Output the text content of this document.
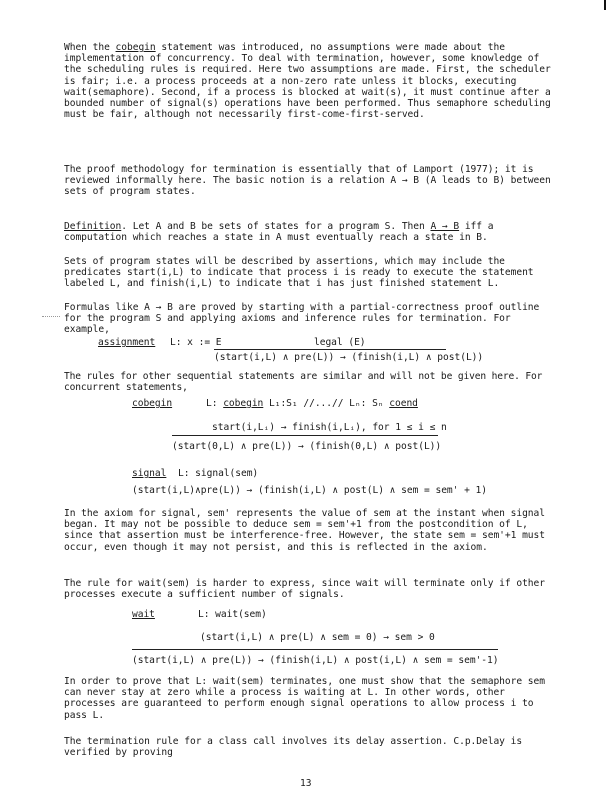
When the cobegin statement was introduced, no assumptions were made about the implementation of concurrency. To deal with termination, however, some knowledge of the scheduling rules is required. Here two assumptions are made. First, the scheduler is fair; i.e. a process proceeds at a non-zero rate unless it blocks, executing wait(semaphore). Second, if a process is blocked at wait(s), it must continue after a bounded number of signal(s) operations have been performed. Thus semaphore scheduling must be fair, although not necessarily first-come-first-served.

The proof methodology for termination is essentially that of Lamport (1977); it is reviewed informally here. The basic notion is a relation A → B (A leads to B) between sets of program states.

Definition. Let A and B be sets of states for a program S. Then A → B iff a computation which reaches a state in A must eventually reach a state in B.

Sets of program states will be described by assertions, which may include the predicates start(i,L) to indicate that process i is ready to execute the statement labeled L, and finish(i,L) to indicate that i has just finished statement L.

Formulas like A → B are proved by starting with a partial-correctness proof outline for the program S and applying axioms and inference rules for termination. For example,

assignment L: x := E	legal (E)
(start(i,L) ∧ pre(L)) → (finish(i,L) ∧ post(L))

The rules for other sequential statements are similar and will not be given here. For concurrent statements,

cobegin	L: cobegin L₁:S₁ //...// Lₙ: Sₙ coend
start(i,Lᵢ) → finish(i,Lᵢ), for 1 ≤ i ≤ n
(start(0,L) ∧ pre(L)) → (finish(0,L) ∧ post(L))
signal L: signal(sem)
(start(i,L)∧pre(L)) → (finish(i,L) ∧ post(L) ∧ sem = sem' + 1)

In the axiom for signal, sem' represents the value of sem at the instant when signal began. It may not be possible to deduce sem = sem'+1 from the postcondition of L, since that assertion must be interference-free. However, the state sem = sem'+1 must occur, even though it may not persist, and this is reflected in the axiom.

The rule for wait(sem) is harder to express, since wait will terminate only if other processes execute a sufficient number of signals.

wait	L: wait(sem)
(start(i,L) ∧ pre(L) ∧ sem = 0) → sem > 0
(start(i,L) ∧ pre(L)) → (finish(i,L) ∧ post(i,L) ∧ sem = sem'-1)

In order to prove that L: wait(sem) terminates, one must show that the semaphore sem can never stay at zero while a process is waiting at L. In other words, other processes are guaranteed to perform enough signal operations to allow process i to pass L.

The termination rule for a class call involves its delay assertion. C.p.Delay is verified by proving

13
